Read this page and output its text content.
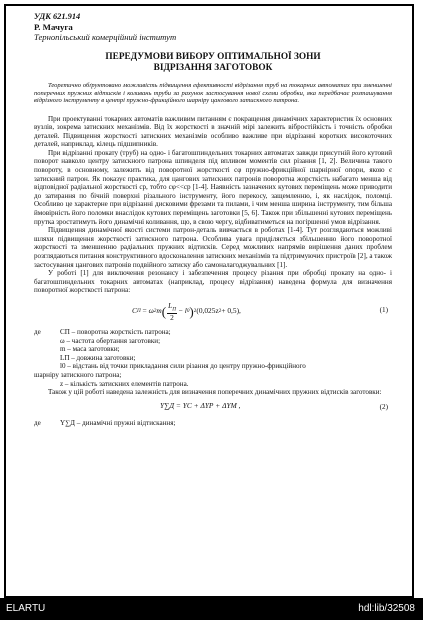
УДК 621.914
Р. Мачуга
Тернопільський комерційний інститут
ПЕРЕДУМОВИ ВИБОРУ ОПТИМАЛЬНОЇ ЗОНИ
ВІДРІЗАННЯ ЗАГОТОВОК

Теоретично обґрунтовано можливість підвищення ефективності відрізання труб на токарних автоматах при зменшенні поперечних пружних відтисків і коливань труби за рахунок застосування нової схеми обробки, яка передбачає розташування відрізного інструменту в центрі пружно-фрикційного шарніру цангового затискного патрона.

При проектуванні токарних автоматів важливим питанням є покращення динамічних характеристик їх основних вузлів, зокрема затискних механізмів. Від їх жорсткості в значній мірі залежить вібростійкість і точність обробки деталей. Підвищення жорсткості затискних механізмів особливо важливе при відрізанні коротких високоточних деталей, наприклад, кілець підшипників.

При відрізанні прокату (труб) на одно- і багатошпиндельних токарних автоматах завжди присутній його кутовий поворот навколо центру затискного патрона шпинделя під впливом моментів сил різання [1, 2]. Величина такого повороту, в основному, залежить від поворотної жорсткості cφ пружно-фрикційної шарнірної опори, якою є затискний патрон. Як показує практика, для цангових затискних патронів поворотна жорсткість набагато менша від відповідної радіальної жорсткості cр, тобто cφ<<cр [1-4]. Наявність зазначених кутових переміщень може приводити до затирання по бічній поверхні різального інструменту, його перекосу, защемленню, і, як наслідок, поломці. Особливо це характерне при відрізанні дисковими фрезами та пилами, і чим менша ширина інструменту, тим більша ймовірність його поломки внаслідок кутових переміщень заготовки [5, 6]. Також при збільшенні кутових переміщень прутка зростатимуть його динамічні коливання, що, в свою чергу, відбиватиметься на погіршенні умов відрізання.

Підвищення динамічної якості системи патрон-деталь вивчається в роботах [1-4]. Тут розглядаються можливі шляхи підвищення жорсткості затискного патрона. Особлива увага приділяється збільшенню його поворотної жорсткості та зменшенню радіальних пружних відтисків. Серед можливих напрямів вирішення даних проблем розглядаються питання конструктивного вдосконалення затискних механізмів та підтримуючих пристроїв [2], а також застосування цангових патронів подвійного затиску або самоналагоджувальних [1].

У роботі [1] для виключення резонансу і забезпечення процесу різання при обробці прокату на одно- і багатошпиндельних токарних автоматах (наприклад, процесу відрізання) наведена формула для визначення поворотної жорсткості патрона:

C П = ω 2 m ( $\frac{L_П}{2} - l$ 0 ) 2 (0,025z 2 + 0,5),	(1)
де	CП – поворотна жорсткість патрона;
ω – частота обертання заготовки;
m – маса заготовки;
LП – довжина заготовки;
l0 – відстань від точки прикладання сили різання до центру пружно-фрикційного
шарніру затискного патрона;
z – кількість затискних елементів патрона.

Також у цій роботі наведена залежність для визначення поперечних динамічних пружних відтисків заготовки:

Y∑Д = YС + ΔYР + ΔYМ ,	(2)
де	Y∑Д – динамічні пружні відтискання;
ELARTU	hdl:lib/32508
